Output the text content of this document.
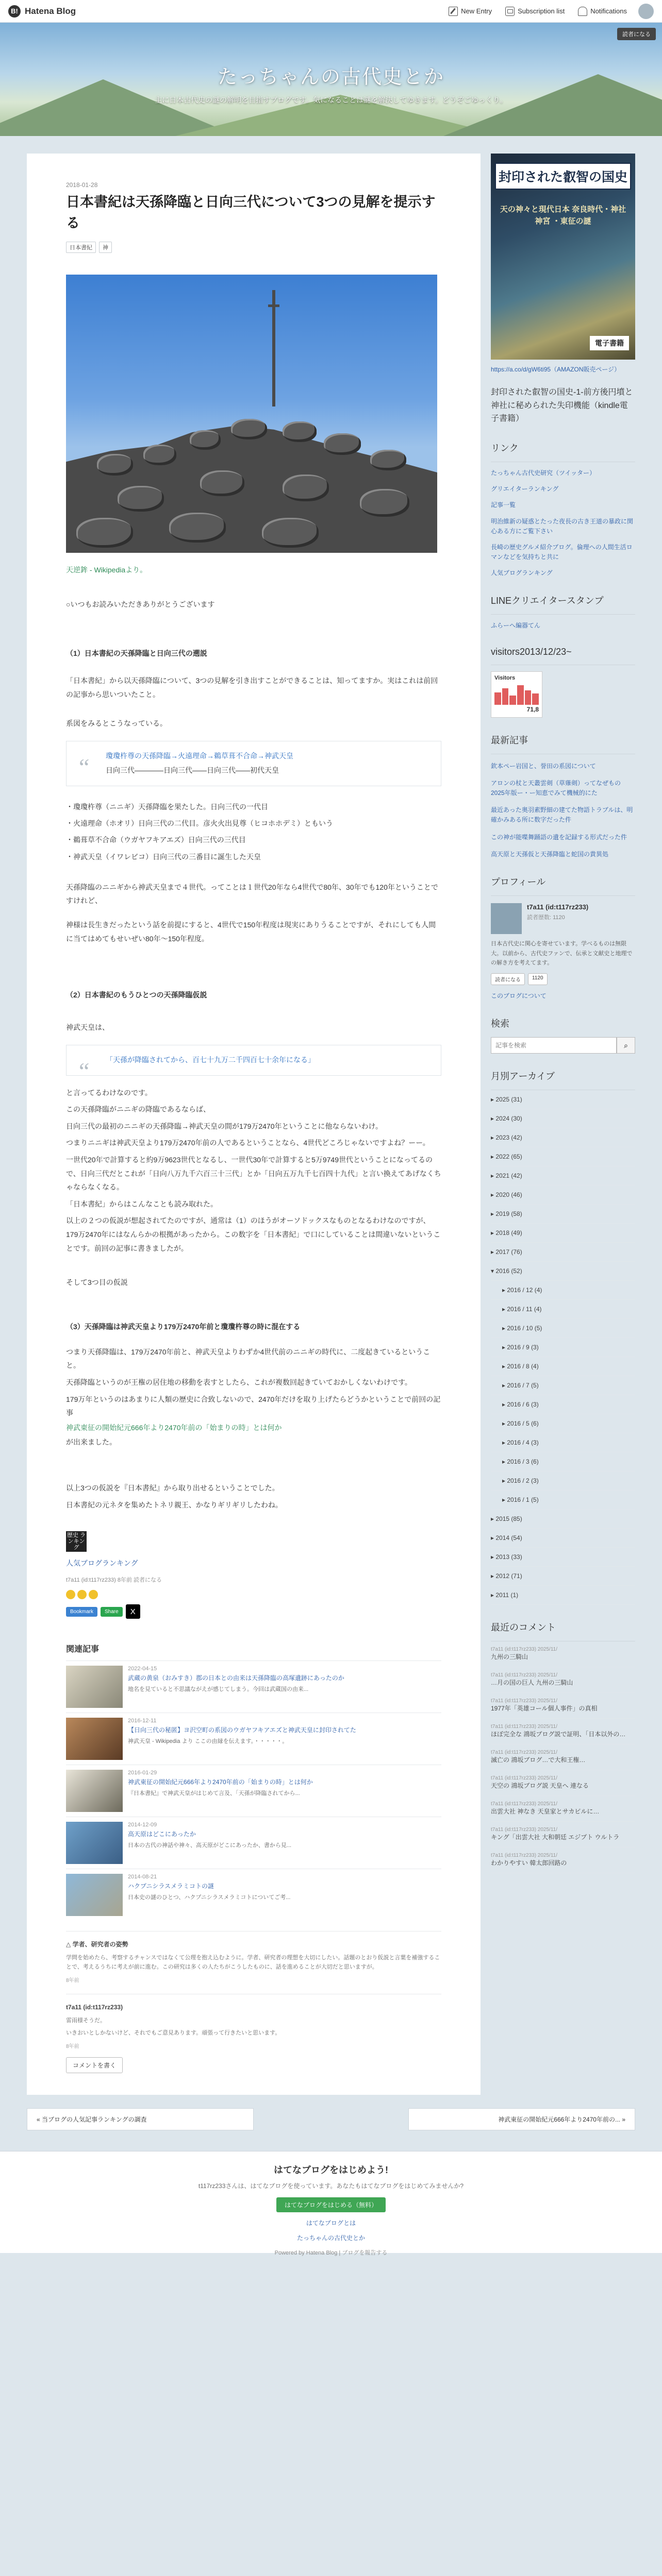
B! Hatena Blog	New Entry	Subscription list	Notifications
読者になる
たっちゃんの古代史とか
主に日本古代史の謎の解明を目指すブログです。気になることは謎を解決してゆきます。どうぞごゆっくり。
2018-01-28
日本書紀は天孫降臨と日向三代について3つの見解を提示する
日本書紀	神

天逆鉾 - Wikipediaより。

○いつもお読みいただきありがとうございます

（1）日本書紀の天孫降臨と日向三代の遡説

「日本書紀」から以天孫降臨について、3つの見解を引き出すことができることは、知ってますか。実はこれは前回の記事から思いついたこと。

系図をみるとこうなっている。

“ 瓊瓊杵尊の天孫降臨→火遠理命→鵜草葺不合命→神武天皇
日向三代――――日向三代――日向三代――初代天皇
・瓊瓊杵尊（ニニギ）天孫降臨を果たした。日向三代の一代目
・火遠理命（ホオリ）日向三代の二代目。彦火火出見尊（ヒコホホデミ）ともいう
・鵜葺草不合命（ウガヤフキアエズ）日向三代の三代目
・神武天皇（イワレビコ）日向三代の三番目に誕生した天皇

天孫降臨のニニギから神武天皇まで４世代。ってことは１世代20年なら4世代で80年、30年でも120年ということですけれど、

神様は長生きだったという話を前提にすると、4世代で150年程度は現実にありうることですが、それにしても人間に当てはめてもせいぜい80年〜150年程度。

（2）日本書紀のもうひとつの天孫降臨仮説

神武天皇は、

“ 「天孫が降臨されてから、百七十九万二千四百七十余年になる」

と言ってるわけなのです。

この天孫降臨がニニギの降臨であるならば、

日向三代の最初のニニギの天孫降臨→神武天皇の間が179万2470年ということに他ならないわけ。

つまりニニギは神武天皇より179万2470年前の人であるということなら、4世代どころじゃないですよね？ーー。

一世代20年で計算すると約9万9623世代となるし、一世代30年で計算すると5万9749世代ということになってるので、日向三代だとこれが「日向八万九千六百三十三代」とか「日向五万九千七百四十九代」と言い換えてあげなくちゃならなくなる。

「日本書紀」からはこんなことも読み取れた。

以上の２つの仮説が想起されてたのですが、通常は（1）のほうがオーソドックスなものとなるわけなのですが、179万2470年にはなんらかの根拠があったから。この数字を「日本書紀」で口にしていることは間違いないということです。前回の記事に書きましたが。

そして3つ目の仮説

（3）天孫降臨は神武天皇より179万2470年前と瓊瓊杵尊の時に混在する

つまり天孫降臨は、179万2470年前と、神武天皇よりわずか4世代前のニニギの時代に、二度起きているということ。

天孫降臨というのが王権の居住地の移動を表すとしたら、これが複数回起きていておかしくないわけです。

179万年というのはあまりに人類の歴史に合致しないので、2470年だけを取り上げたらどうかということで前回の記事

神武東征の開始紀元666年より2470年前の「始まりの時」とは何か

が出来ました。

以上3つの仮説を『日本書紀』から取り出せるということでした。

日本書紀の元ネタを集めたトネリ親王、かなりギリギリしたわね。

歴史 ランキング
人気ブログランキング
t7a11 (id:t117rz233) 8年前 読者になる
Bookmark	Share	X
関連記事
2022-04-15
武蔵の黄泉（おみすき）郡の日本との由来は天孫降臨の高塚遺跡にあったのか
地名を見ていると不思議ながえが感じてしまう。今回は武蔵国の由来...
2016-12-11
【日向三代の秘匿】ヨ沢空町の系図のウガヤフキアエズと神武天皇に封印されてた
神武天皇 - Wikipedia より ここの由縁を伝えます。・・・・・。
2016-01-29
神武東征の開始紀元666年より2470年前の「始まりの時」とは何か
『日本書紀』で神武天皇がはじめて言及、「天孫が降臨されてから...
2014-12-09
高天原はどこにあったか
日本の古代の神話や神々、高天原がどこにあったか、書から見...
2014-08-21
ハクプニシラスメラミコトの謎
日本史の謎のひとつ、ハクプニシラスメラミコトについてご考...
△ 学者、研究者の姿勢
学問を始めたら、考察するチャンスではなくて公理を抱え込むように。学者、研究者の理想を大切にしたい。話題のとおり仮説と言葉を補強することで、考えるうちに考えが前に進む。この研究は多くの人たちがこうしたものに、話を進めることが大切だと思いますが。
8年前
t7a11 (id:t117rz233)
雷雨様そうだ。
いきおいとしかないけど、それでもご意見あります。頑張って行きたいと思います。
8年前
コメントを書く
封印された叡智の国史
天の神々と現代日本 奈良時代・神社神宮 ・東征の謎
電子書籍
https://a.co/d/gW6ti95（AMAZON販売ページ）
封印された叡智の国史-1-前方後円墳と神社に秘められた失印機能（kindle電子書籍）
リンク
たっちゃん古代史研究（ツイッター）
グリエイターランキング
記事一覧
明治維新の疑惑とたった夜長の古き王道の暴政に関心ある方にご覧下さい
長崎の歴史グルメ紹介ブログ。倫理への人間生活ロマンなどを気持ちと共に
人気ブログランキング
LINEクリエイタースタンプ
ふらーへ編器てん
visitors2013/12/23~
Visitors
71,8
最新記事
欽本ペー岩国と、誉田の系図について
アロンの杖と天叢雲剣（草薙剣）ってなぜもの　2025年版ー・ー知恵でみて機械的にた
最近あった奥羽素野細の建てた物語トラブルは、明確かみある所に数字だった件
この神が能喋舞踊語の遺を記録する形式だった件
高天原と天孫仮と天孫降臨と蛇国の貴異処
プロフィール
t7a11 (id:t117rz233)
読者歴数: 1120
日本古代史に関心を寄せています。学べるものは無限大。以前から、古代史ファンで、伝承と文献史と地理での解き方を考えてます。
読者になる	1120
このブログについて
検索
記事を検索
⌕
月別アーカイブ
▸ 2025 (31)
▸ 2024 (30)
▸ 2023 (42)
▸ 2022 (65)
▸ 2021 (42)
▸ 2020 (46)
▸ 2019 (58)
▸ 2018 (49)
▸ 2017 (76)
▾ 2016 (52)
▸ 2016 / 12 (4)
▸ 2016 / 11 (4)
▸ 2016 / 10 (5)
▸ 2016 / 9 (3)
▸ 2016 / 8 (4)
▸ 2016 / 7 (5)
▸ 2016 / 6 (3)
▸ 2016 / 5 (6)
▸ 2016 / 4 (3)
▸ 2016 / 3 (6)
▸ 2016 / 2 (3)
▸ 2016 / 1 (5)
▸ 2015 (85)
▸ 2014 (54)
▸ 2013 (33)
▸ 2012 (71)
▸ 2011 (1)
最近のコメント
t7a11 (id:t117rz233) 2025/11/
九州の三騎山
t7a11 (id:t117rz233) 2025/11/
…月の国の巨人 九州の三騎山
t7a11 (id:t117rz233) 2025/11/
1977年「英雄コール個人事件」の真相
t7a11 (id:t117rz233) 2025/11/
ほぼ完全な 鴻坂ブログ説で証明、「日本以外の…
t7a11 (id:t117rz233) 2025/11/
滅亡の 鴻坂ブログ…で大和王権…
t7a11 (id:t117rz233) 2025/11/
天空の 鴻坂ブログ説 天皇へ 連なる
t7a11 (id:t117rz233) 2025/11/
出雲大社 神なき 天皇家とサカビルに…
t7a11 (id:t117rz233) 2025/11/
キング「出雲大社 大和朝廷 エジプト ウルトラ
t7a11 (id:t117rz233) 2025/11/
わかりやすい 韓太郎回路の
« 当ブログの人気記事ランキングの調査	神武東征の開始紀元666年より2470年前の... »
はてなブログをはじめよう!
t117rz233さんは、はてなブログを使っています。あなたもはてなブログをはじめてみませんか?
はてなブログをはじめる（無料）
はてなブログとは
たっちゃんの古代史とか
Powered by Hatena Blog | ブログを報告する
